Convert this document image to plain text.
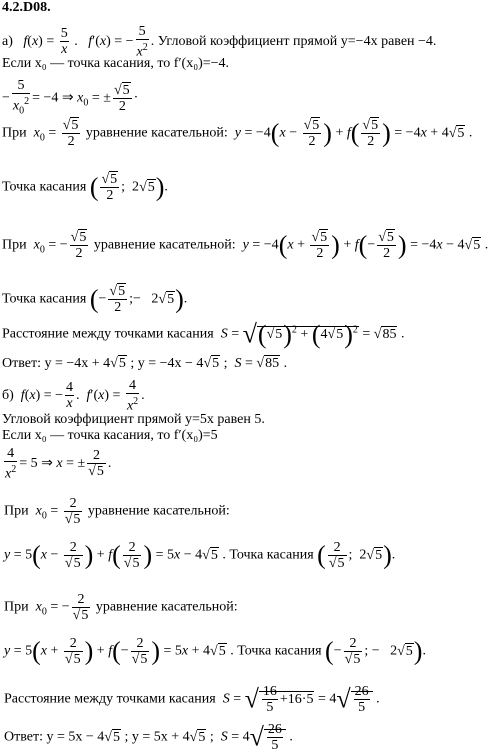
4.2.D08.
а) $f(x) = \frac{5}{x}$ .   f′(x) = − $\frac{5}{x^2}$ . Угловой коэффициент прямой y=−4x равен −4.
Если x₀ — точка касания, то f′(x₀)=−4.
− $\frac{5}{x_0^2} = -4$ ⇒ $x_0$ = ± $\frac{√5}{2}$ ·
При  $x_0 = \frac{√5}{2}$ уравнение касательной:  $y = -4(x - \frac{√5}{2}$ ) + $f( \frac{√5}{2}$ ) = −4x + 4√5 .
Точка касания ( $\frac{√5}{2}$ ;  2√5).
При  $x_0$ = − $\frac{√5}{2}$ уравнение касательной:  $y = -4(x + \frac{√5}{2}$ ) + $f(- \frac{√5}{2}$ ) = −4x − 4√5 .
Точка касания (− $\frac{√5}{2}$ ;−   2√5).
Расстояние между точками касания $S = √(√5)^2 + (4√5)^2 = √85$ .
Ответ: y = −4x + 4√5 ; y = −4x − 4√5 ;  S = √85 .
б) f(x) = − $\frac{4}{x}$ .  $f'(x) = \frac{4}{x^2}$ .
Угловой коэффициент прямой y=5x равен 5.
Если x₀ — точка касания, то f′(x₀)=5
$\frac{4}{x^2} = 5$ ⇒ x = ± $\frac{2}{√5}$ .
При  $x_0 = \frac{2}{√5}$ уравнение касательной:
$y = 5(x - \frac{2}{√5}$ ) + $f( \frac{2}{√5}$ ) = 5x − 4√5 . Точка касания ( $\frac{2}{√5}$ ;  2√5).
При  $x_0$ = − $\frac{2}{√5}$ уравнение касательной:
$y = 5(x + \frac{2}{√5}$ ) + $f(- \frac{2}{√5}$ ) = 5x + 4√5 . Точка касания (− $\frac{2}{√5}$ ; −   2√5).
Расстояние между точками касания S = √ $\frac{16}{5} +16\cdot 5 = 4√ \frac{26}{5}$ .
Ответ: y = 5x − 4√5 ; y = 5x + 4√5 ;  $S = 4√ \frac{26}{5}$ .
